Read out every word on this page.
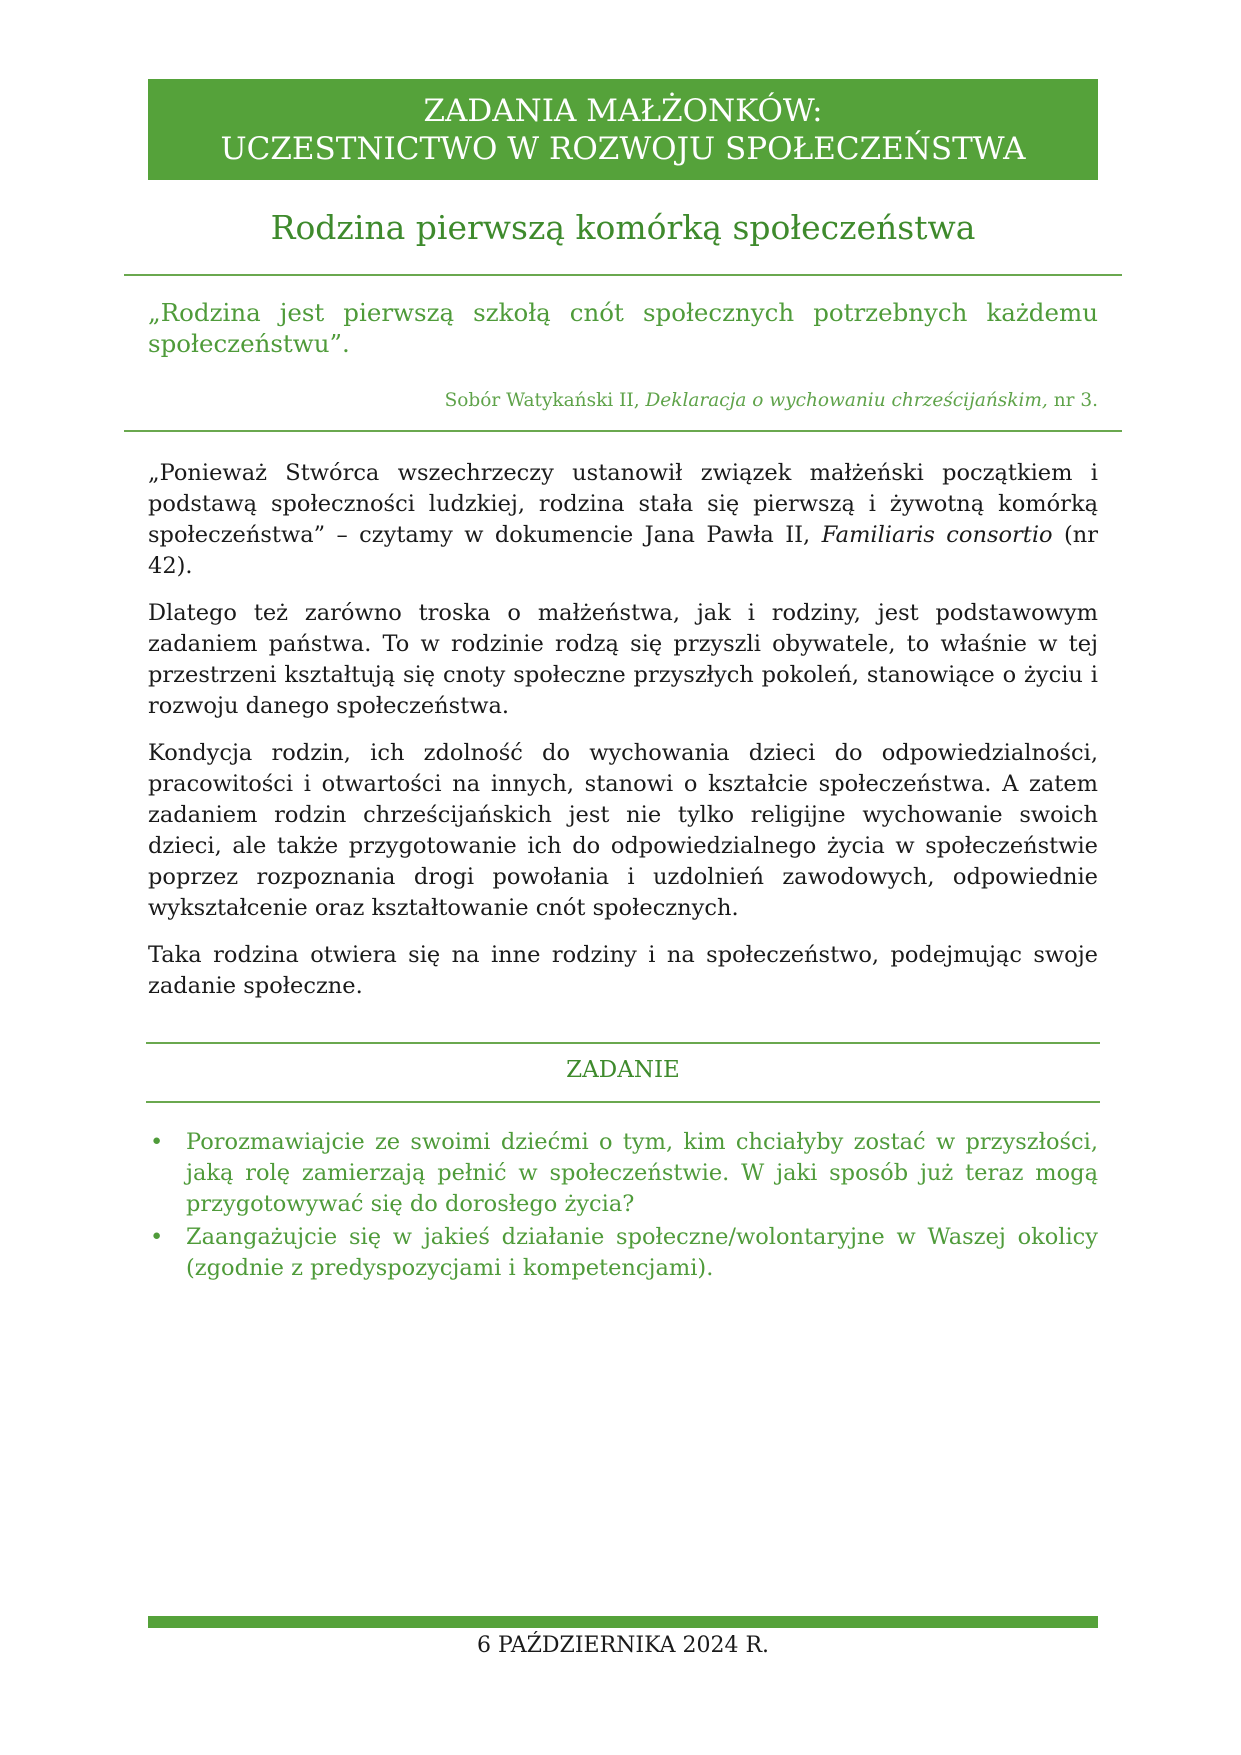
ZADANIA MAŁŻONKÓW:
UCZESTNICTWO W ROZWOJU SPOŁECZEŃSTWA
Rodzina pierwszą komórką społeczeństwa
„Rodzina jest pierwszą szkołą cnót społecznych potrzebnych każdemu społeczeństwu”.
Sobór Watykański II, Deklaracja o wychowaniu chrześcijańskim, nr 3.

„Ponieważ Stwórca wszechrzeczy ustanowił związek małżeński początkiem i podstawą społeczności ludzkiej, rodzina stała się pierwszą i żywotną komórką społeczeństwa” – czytamy w dokumencie Jana Pawła II, Familiaris consortio (nr 42).

Dlatego też zarówno troska o małżeństwa, jak i rodziny, jest podstawowym zadaniem państwa. To w rodzinie rodzą się przyszli obywatele, to właśnie w tej przestrzeni kształtują się cnoty społeczne przyszłych pokoleń, stanowiące o życiu i rozwoju danego społeczeństwa.

Kondycja rodzin, ich zdolność do wychowania dzieci do odpowiedzialności, pracowitości i otwartości na innych, stanowi o kształcie społeczeństwa. A zatem zadaniem rodzin chrześcijańskich jest nie tylko religijne wychowanie swoich dzieci, ale także przygotowanie ich do odpowiedzialnego życia w społeczeństwie poprzez rozpoznania drogi powołania i uzdolnień zawodowych, odpowiednie wykształcenie oraz kształtowanie cnót społecznych.

Taka rodzina otwiera się na inne rodziny i na społeczeństwo, podejmując swoje zadanie społeczne.

ZADANIE
• Porozmawiajcie ze swoimi dziećmi o tym, kim chciałyby zostać w przyszłości, jaką rolę zamierzają pełnić w społeczeństwie. W jaki sposób już teraz mogą przygotowywać się do dorosłego życia?
• Zaangażujcie się w jakieś działanie społeczne/wolontaryjne w Waszej okolicy (zgodnie z predyspozycjami i kompetencjami).
6 PAŹDZIERNIKA 2024 R.
